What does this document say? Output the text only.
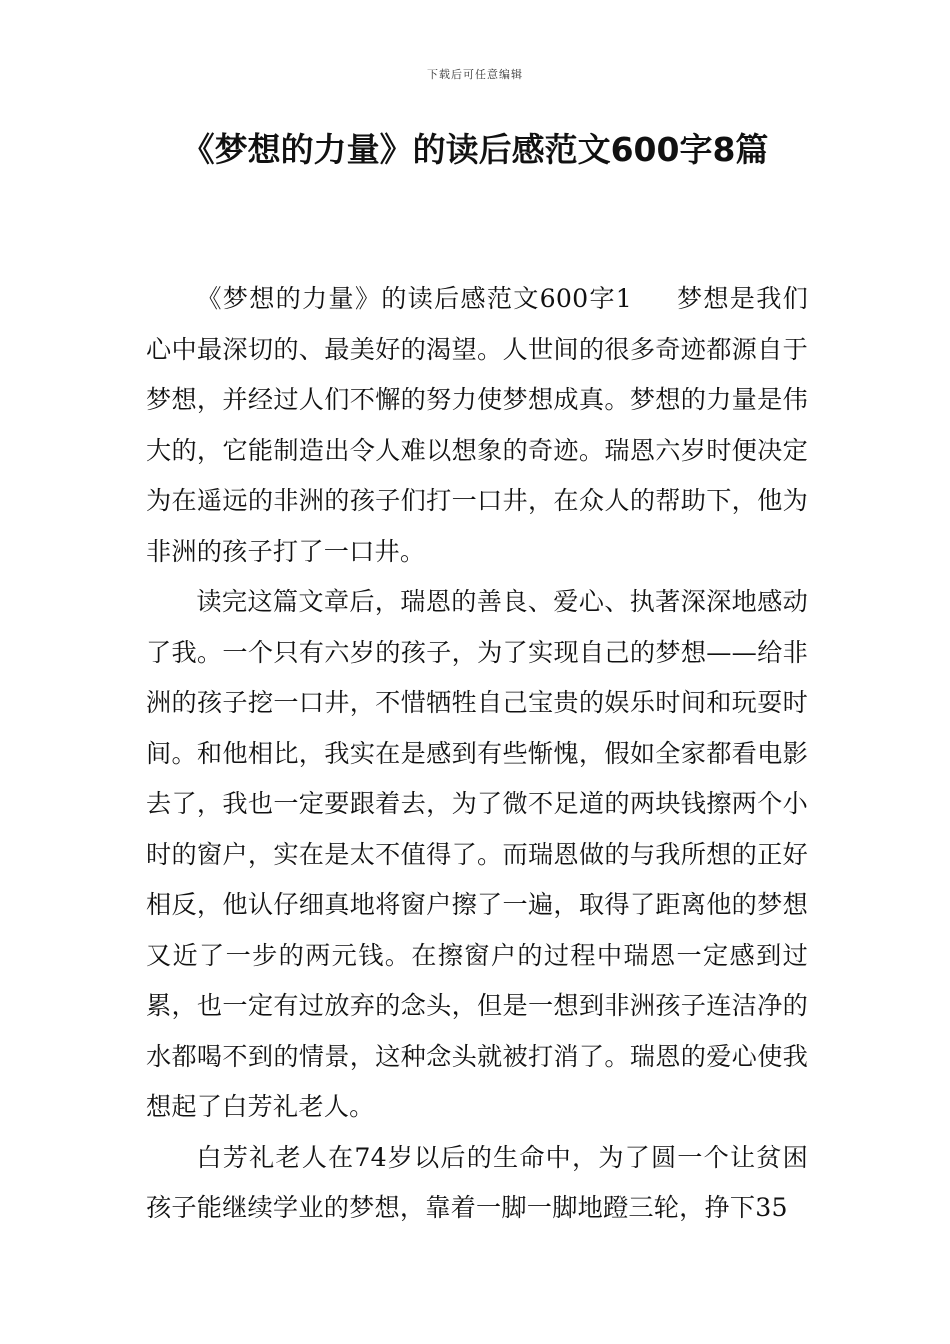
下载后可任意编辑
《梦想的力量》的读后感范文600字8篇

《梦想的力量》的读后感范文600字1 梦想是我们心中最深切的、最美好的渴望。人世间的很多奇迹都源自于梦想，并经过人们不懈的努力使梦想成真。梦想的力量是伟大的，它能制造出令人难以想象的奇迹。瑞恩六岁时便决定为在遥远的非洲的孩子们打一口井，在众人的帮助下，他为非洲的孩子打了一口井。

读完这篇文章后，瑞恩的善良、爱心、执著深深地感动了我。一个只有六岁的孩子，为了实现自己的梦想——给非洲的孩子挖一口井，不惜牺牲自己宝贵的娱乐时间和玩耍时间。和他相比，我实在是感到有些惭愧，假如全家都看电影去了，我也一定要跟着去，为了微不足道的两块钱擦两个小时的窗户，实在是太不值得了。而瑞恩做的与我所想的正好相反，他认仔细真地将窗户擦了一遍，取得了距离他的梦想又近了一步的两元钱。在擦窗户的过程中瑞恩一定感到过累，也一定有过放弃的念头，但是一想到非洲孩子连洁净的水都喝不到的情景，这种念头就被打消了。瑞恩的爱心使我想起了白芳礼老人。

白芳礼老人在74岁以后的生命中，为了圆一个让贫困孩子能继续学业的梦想，靠着一脚一脚地蹬三轮，挣下35
